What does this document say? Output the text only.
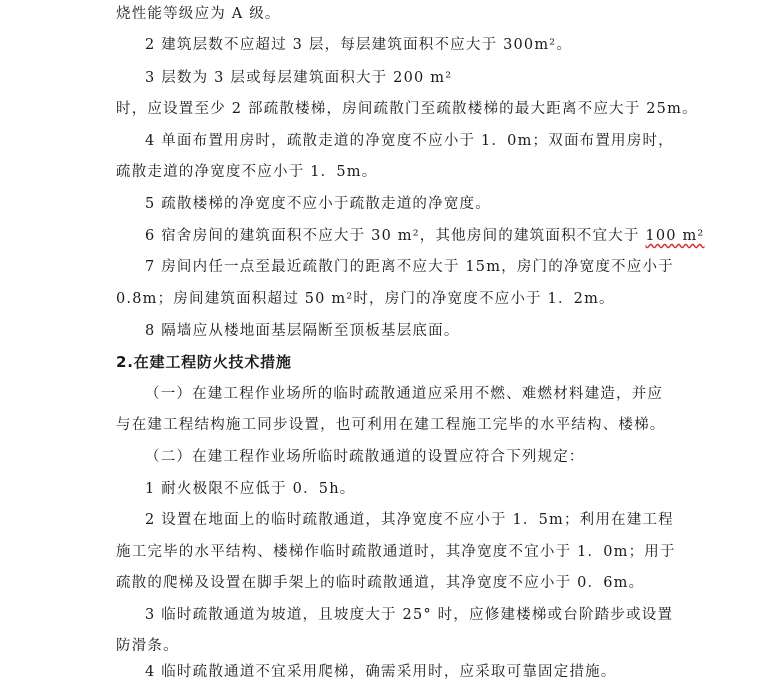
烧性能等级应为 A 级。
2 建筑层数不应超过 3 层，每层建筑面积不应大于 300m²。
3 层数为 3 层或每层建筑面积大于 200 m²
时，应设置至少 2 部疏散楼梯，房间疏散门至疏散楼梯的最大距离不应大于 25m。
4 单面布置用房时，疏散走道的净宽度不应小于 1．0m；双面布置用房时，
疏散走道的净宽度不应小于 1．5m。
5 疏散楼梯的净宽度不应小于疏散走道的净宽度。
6 宿舍房间的建筑面积不应大于 30 m²，其他房间的建筑面积不宜大于 100 m²
7 房间内任一点至最近疏散门的距离不应大于 15m，房门的净宽度不应小于
0.8m；房间建筑面积超过 50 m²时，房门的净宽度不应小于 1．2m。
8 隔墙应从楼地面基层隔断至顶板基层底面。
2.在建工程防火技术措施
（一）在建工程作业场所的临时疏散通道应采用不燃、难燃材料建造，并应
与在建工程结构施工同步设置，也可利用在建工程施工完毕的水平结构、楼梯。
（二）在建工程作业场所临时疏散通道的设置应符合下列规定：
1 耐火极限不应低于 0．5h。
2 设置在地面上的临时疏散通道，其净宽度不应小于 1．5m；利用在建工程
施工完毕的水平结构、楼梯作临时疏散通道时，其净宽度不宜小于 1．0m；用于
疏散的爬梯及设置在脚手架上的临时疏散通道，其净宽度不应小于 0．6m。
3 临时疏散通道为坡道，且坡度大于 25° 时，应修建楼梯或台阶踏步或设置
防滑条。
4 临时疏散通道不宜采用爬梯，确需采用时，应采取可靠固定措施。
